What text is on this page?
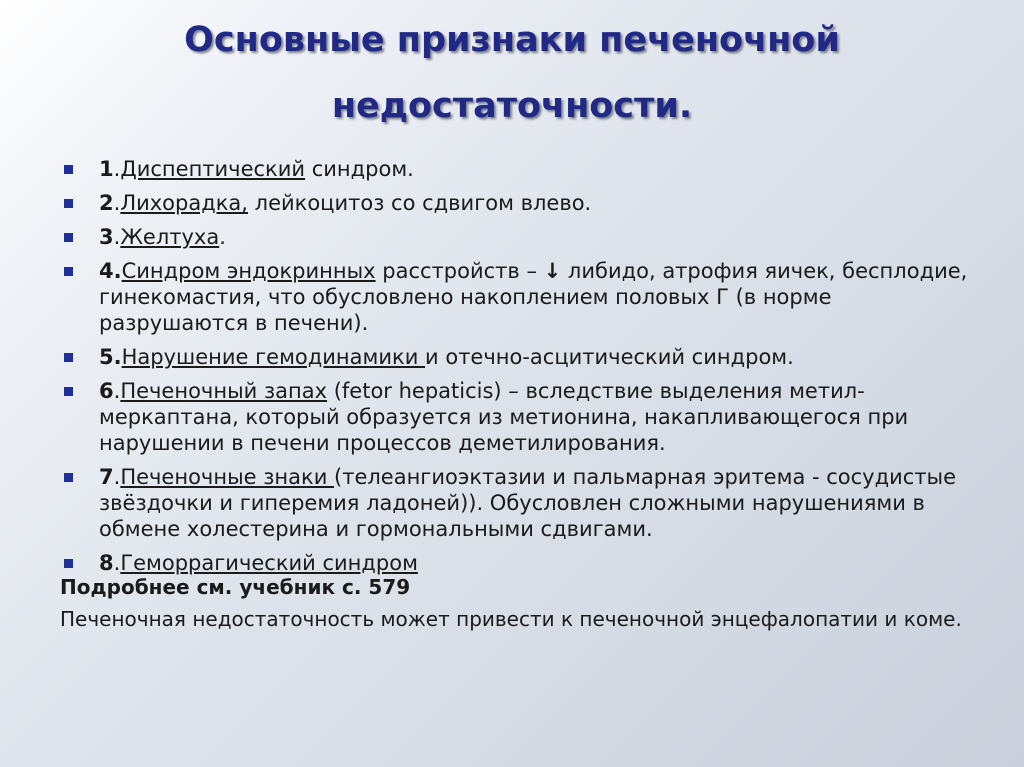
Основные признаки печеночной
недостаточности.
1.Диспептический синдром.
2.Лихорадка, лейкоцитоз со сдвигом влево.
3.Желтуха.
4.Синдром эндокринных расстройств – ↓ либидо, атрофия яичек, бесплодие, гинекомастия, что обусловлено накоплением половых Г (в норме разрушаются в печени).
5.Нарушение гемодинамики и отечно-асцитический синдром.
6.Печеночный запах (fetor hepaticis) – вследствие выделения метил-меркаптана, который образуется из метионина, накапливающегося при нарушении в печени процессов деметилирования.
7.Печеночные знаки (телеангиоэктазии и пальмарная эритема - сосудистые звёздочки и гиперемия ладоней)). Обусловлен сложными нарушениями в обмене холестерина и гормональными сдвигами.
8.Геморрагический синдром
Подробнее см. учебник с. 579
Печеночная недостаточность может привести к печеночной энцефалопатии и коме.
